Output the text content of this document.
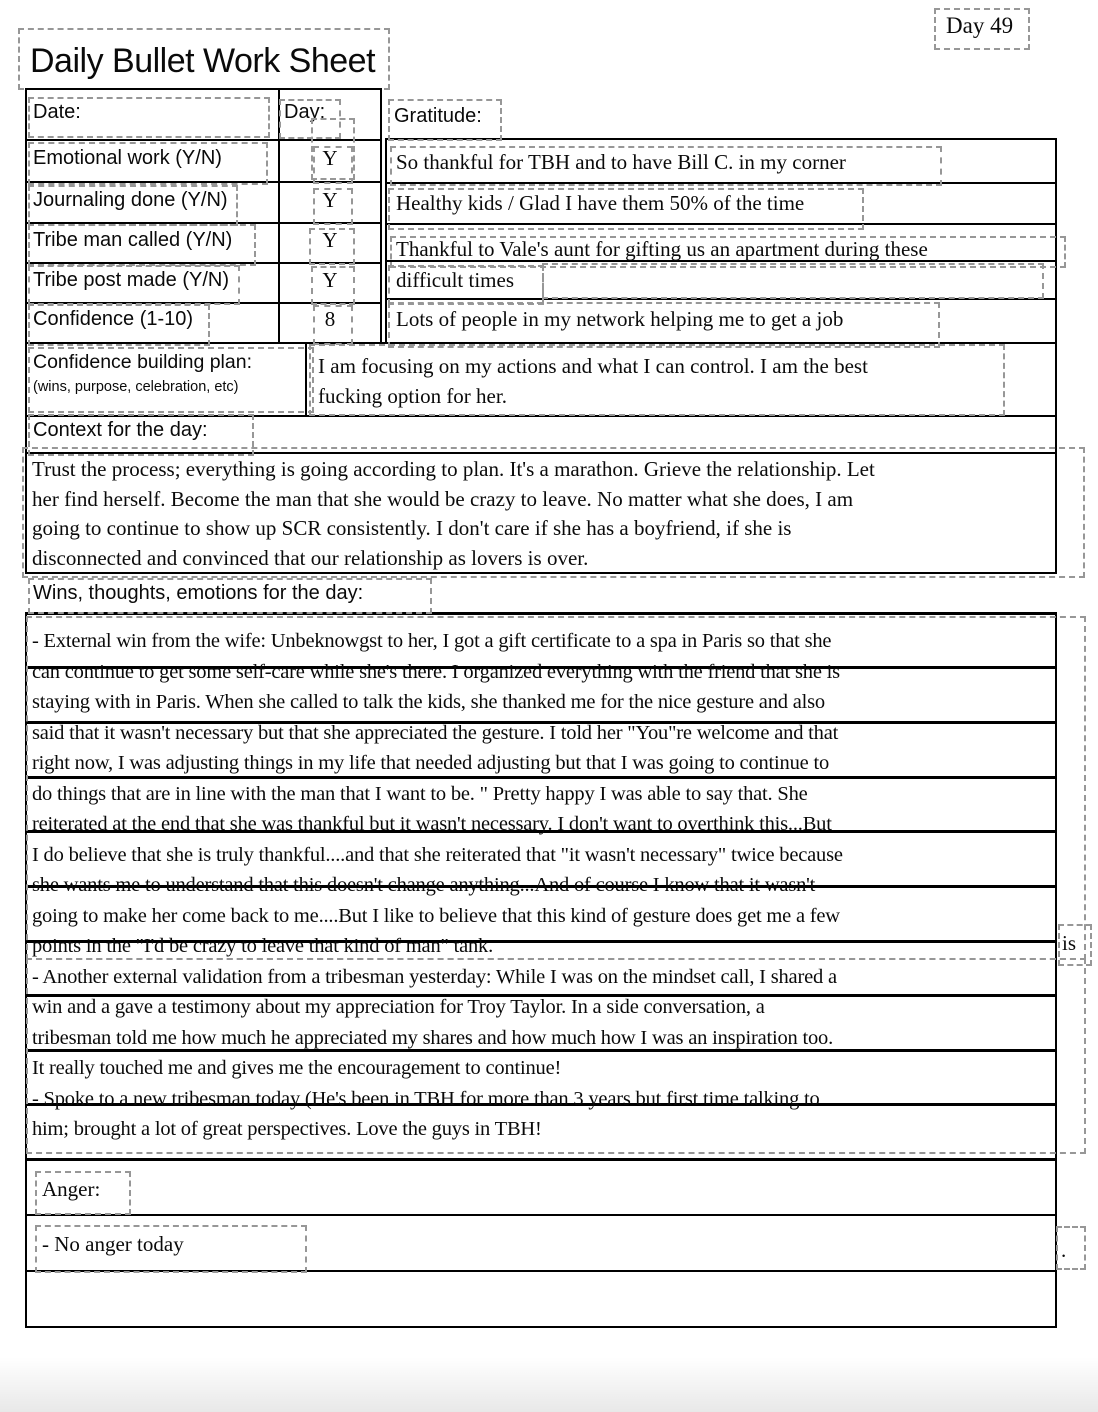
Daily Bullet Work Sheet
Day 49
Date:	Day:
Emotional work (Y/N)	Y
Journaling done (Y/N)	Y
Tribe man called (Y/N)	Y
Tribe post made (Y/N)	Y
Confidence (1-10)	8
Gratitude:
So thankful for TBH and to have Bill C. in my corner
Healthy kids / Glad I have them 50% of the time
Thankful to Vale's aunt for gifting us an apartment during these
difficult times
Lots of people in my network helping me to get a job
Confidence building plan:
(wins, purpose, celebration, etc)
I am focusing on my actions and what I can control. I am the best
fucking option for her.
Context for the day:
Trust the process; everything is going according to plan. It's a marathon. Grieve the relationship. Let
her find herself. Become the man that she would be crazy to leave. No matter what she does, I am
going to continue to show up SCR consistently. I don't care if she has a boyfriend, if she is
disconnected and convinced that our relationship as lovers is over.
Wins, thoughts, emotions for the day:
- External win from the wife: Unbeknowgst to her, I got a gift certificate to a spa in Paris so that she
can continue to get some self-care while she's there. I organized everything with the friend that she is
staying with in Paris. When she called to talk the kids, she thanked me for the nice gesture and also
said that it wasn't necessary but that she appreciated the gesture. I told her "You"re welcome and that
right now, I was adjusting things in my life that needed adjusting but that I was going to continue to
do things that are in line with the man that I want to be. " Pretty happy I was able to say that. She
reiterated at the end that she was thankful but it wasn't necessary. I don't want to overthink this...But
I do believe that she is truly thankful....and that she reiterated that "it wasn't necessary" twice because
she wants me to understand that this doesn't change anything...And of course I know that it wasn't
going to make her come back to me....But I like to believe that this kind of gesture does get me a few
points in the "I'd be crazy to leave that kind of man" tank.
- Another external validation from a tribesman yesterday: While I was on the mindset call, I shared a
win and a gave a testimony about my appreciation for Troy Taylor. In a side conversation, a
tribesman told me how much he appreciated my shares and how much how I was an inspiration too.
It really touched me and gives me the encouragement to continue!
- Spoke to a new tribesman today (He's been in TBH for more than 3 years but first time talking to
him; brought a lot of great perspectives. Love the guys in TBH!
is
Anger:
- No anger today	.
